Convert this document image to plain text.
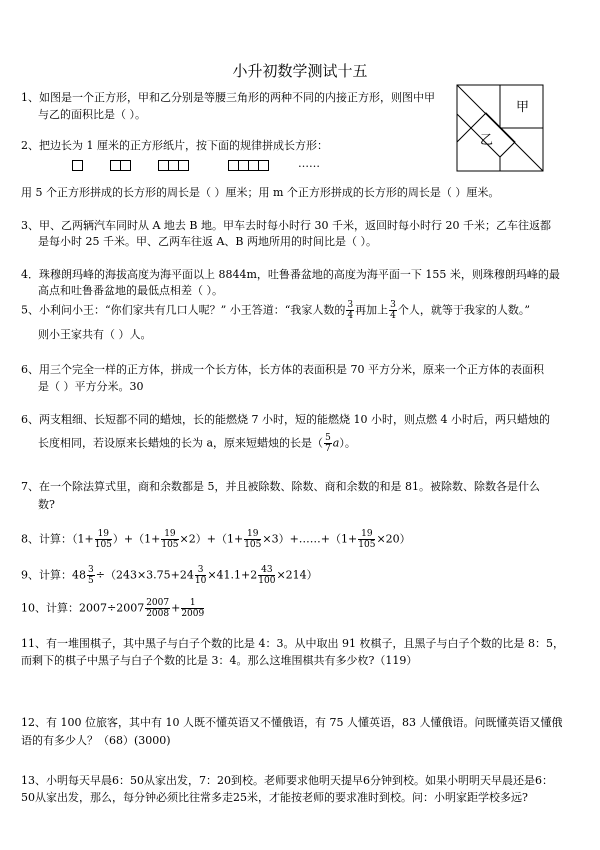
小升初数学测试十五
甲
乙
1、如图是一个正方形，甲和乙分别是等腰三角形的两种不同的内接正方形，则图中甲
与乙的面积比是（ ）。
2、把边长为 1 厘米的正方形纸片，按下面的规律拼成长方形：
……
用 5 个正方形拼成的长方形的周长是（ ）厘米；用 m 个正方形拼成的长方形的周长是（ ）厘米。
3、甲、乙两辆汽车同时从 A 地去 B 地。甲车去时每小时行 30 千米，返回时每小时行 20 千米；乙车往返都
是每小时 25 千米。甲、乙两车往返 A、B 两地所用的时间比是（ ）。
4．珠穆朗玛峰的海拔高度为海平面以上 8844m，吐鲁番盆地的高度为海平面一下 155 米，则珠穆朗玛峰的最
高点和吐鲁番盆地的最低点相差（ ）。
5、小利问小王：“你们家共有几口人呢？” 小王答道：“我家人数的 $\frac{3}{4}$ 再加上 $\frac{3}{4}$ 个人，就等于我家的人数。”
则小王家共有（ ）人。
6、用三个完全一样的正方体，拼成一个长方体，长方体的表面积是 70 平方分米，原来一个正方体的表面积
是（ ）平方分米。30
6、两支粗细、长短都不同的蜡烛，长的能燃烧 7 小时，短的能燃烧 10 小时，则点燃 4 小时后，两只蜡烛的
长度相同，若设原来长蜡烛的长为 a，原来短蜡烛的长是（ $\frac{5}{7} a$）。
7、在一个除法算式里，商和余数都是 5，并且被除数、除数、商和余数的和是 81。被除数、除数各是什么
数?
8、计算：$(1+ \frac{19}{105} )+(1+ \frac{19}{105} \times 2)+(1+ \frac{19}{105}$ ×3）+……+（1+ $\frac{19}{105} \times 20$）
9、计算：$48 \frac{3}{5} \div(243\times 3.75+24 \frac{3}{10} \times 41.1+2 \frac{43}{100} \times 214)$
10、计算：$2007\div 2007 \frac{2007}{2008} + \frac{1}{2009}$
11、有一堆围棋子，其中黑子与白子个数的比是 4：3。从中取出 91 枚棋子，且黑子与白子个数的比是 8：5，
而剩下的棋子中黑子与白子个数的比是 3：4。那么这堆围棋共有多少枚?（119）
12、有 100 位旅客，其中有 10 人既不懂英语又不懂俄语，有 75 人懂英语，83 人懂俄语。问既懂英语又懂俄
语的有多少人？（68）(3000)
13、小明每天早晨6：50从家出发，7：20到校。老师要求他明天提早6分钟到校。如果小明明天早晨还是6：
50从家出发，那么，每分钟必须比往常多走25米，才能按老师的要求准时到校。问：小明家距学校多远?
